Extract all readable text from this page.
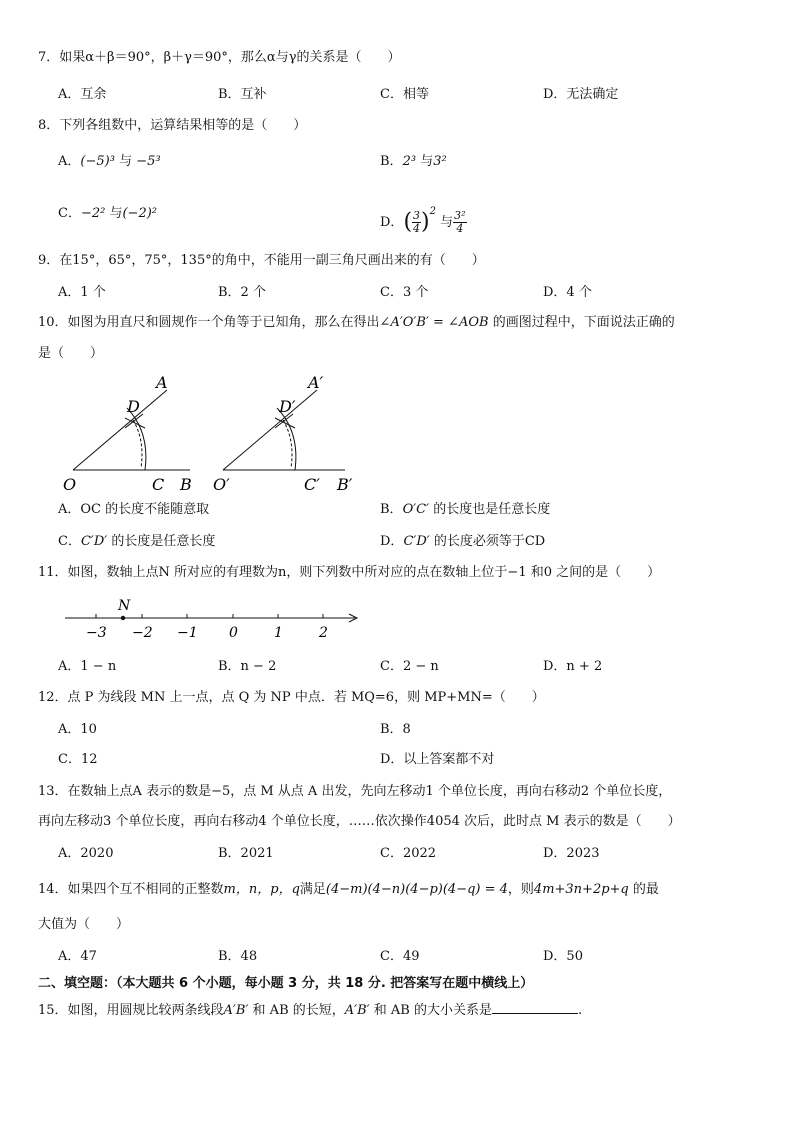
7．如果α＋β＝90°，β＋γ＝90°，那么α与γ的关系是（　　）
A．互余	B．互补	C．相等	D．无法确定
8．下列各组数中，运算结果相等的是（　　）
A．(−5)³ 与 −5³	B．2³ 与3²
C．−2² 与(−2)²
D．( $\frac{3}{4} )^2$ 与 $\frac{\text{3²}}{4}$
9．在15°，65°，75°，135°的角中，不能用一副三角尺画出来的有（　　）
A．1 个	B．2 个	C．3 个	D．4 个
10．如图为用直尺和圆规作一个角等于已知角，那么在得出∠A′O′B′ = ∠AOB 的画图过程中，下面说法正确的
是（　　）
A
D
O	C B
A′
D′
O′	C′ B′
A．OC 的长度不能随意取	B．O′C′ 的长度也是任意长度
C．C′D′ 的长度是任意长度	D．C′D′ 的长度必须等于CD
11．如图，数轴上点N 所对应的有理数为n，则下列数中所对应的点在数轴上位于−1 和0 之间的是（　　）
N
−3 −2 −1 0	1	2
A．1 − n	B．n − 2	C．2 − n	D．n + 2
12．点 P 为线段 MN 上一点，点 Q 为 NP 中点．若 MQ=6，则 MP+MN=（　　）
A．10	B．8
C．12	D．以上答案都不对
13．在数轴上点A 表示的数是−5，点 M 从点 A 出发，先向左移动1 个单位长度，再向右移动2 个单位长度，
再向左移动3 个单位长度，再向右移动4 个单位长度，……依次操作4054 次后，此时点 M 表示的数是（　　）
A．2020	B．2021	C．2022	D．2023
14．如果四个互不相同的正整数m，n，p，q满足(4−m)(4−n)(4−p)(4−q) = 4，则4m+3n+2p+q 的最
大值为（　　）
A．47	B．48	C．49	D．50
二、填空题：（本大题共 6 个小题，每小题 3 分，共 18 分. 把答案写在题中横线上）
15．如图，用圆规比较两条线段A′B′ 和 AB 的长短，A′B′ 和 AB 的大小关系是	.
